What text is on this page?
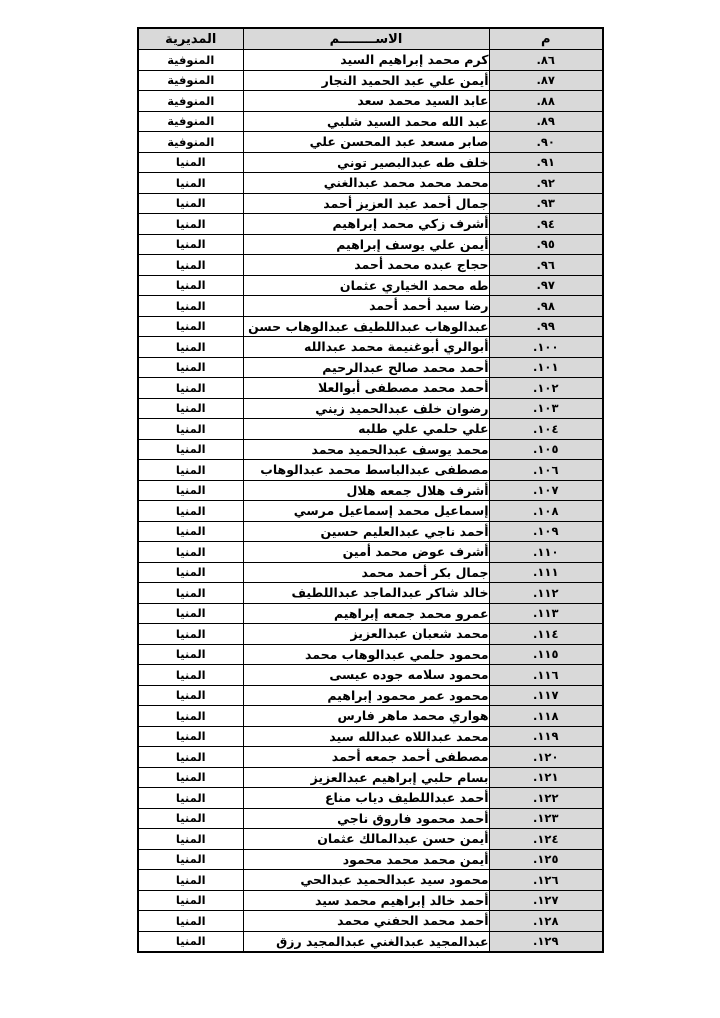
م	الاســــــــم	المديرية
٨٦.	كرم محمد إبراهيم السيد	المنوفية
٨٧.	أيمن علي عبد الحميد النجار	المنوفية
٨٨.	عابد السيد محمد سعد	المنوفية
٨٩.	عبد الله محمد السيد شلبي	المنوفية
٩٠.	صابر مسعد عبد المحسن علي	المنوفية
٩١.	خلف طه عبدالبصير توني	المنيا
٩٢.	محمد محمد محمد عبدالغني	المنيا
٩٣.	جمال أحمد عبد العزيز أحمد	المنيا
٩٤.	أشرف زكي محمد إبراهيم	المنيا
٩٥.	أيمن علي يوسف إبراهيم	المنيا
٩٦.	حجاج عبده محمد أحمد	المنيا
٩٧.	طه محمد الخياري عثمان	المنيا
٩٨.	رضا سيد أحمد أحمد	المنيا
٩٩.	عبدالوهاب عبداللطيف عبدالوهاب حسن	المنيا
١٠٠.	أبوالري أبوغنيمة محمد عبدالله	المنيا
١٠١.	أحمد محمد صالح عبدالرحيم	المنيا
١٠٢.	أحمد محمد مصطفى أبوالعلا	المنيا
١٠٣.	رضوان خلف عبدالحميد زيني	المنيا
١٠٤.	علي حلمي علي طلبه	المنيا
١٠٥.	محمد يوسف عبدالحميد محمد	المنيا
١٠٦.	مصطفى عبدالباسط محمد عبدالوهاب	المنيا
١٠٧.	أشرف هلال جمعه هلال	المنيا
١٠٨.	إسماعيل محمد إسماعيل مرسي	المنيا
١٠٩.	أحمد ناجي عبدالعليم حسين	المنيا
١١٠.	أشرف عوض محمد أمين	المنيا
١١١.	جمال بكر أحمد محمد	المنيا
١١٢.	خالد شاكر عبدالماجد عبداللطيف	المنيا
١١٣.	عمرو محمد جمعه إبراهيم	المنيا
١١٤.	محمد شعبان عبدالعزيز	المنيا
١١٥.	محمود حلمي عبدالوهاب محمد	المنيا
١١٦.	محمود سلامه جوده عيسى	المنيا
١١٧.	محمود عمر محمود إبراهيم	المنيا
١١٨.	هواري محمد ماهر فارس	المنيا
١١٩.	محمد عبداللاه عبدالله سيد	المنيا
١٢٠.	مصطفى أحمد جمعه أحمد	المنيا
١٢١.	بسام حلبي إبراهيم عبدالعزيز	المنيا
١٢٢.	أحمد عبداللطيف دياب مناع	المنيا
١٢٣.	أحمد محمود فاروق ناجي	المنيا
١٢٤.	أيمن حسن عبدالمالك عثمان	المنيا
١٢٥.	أيمن محمد محمد محمود	المنيا
١٢٦.	محمود سيد عبدالحميد عبدالحي	المنيا
١٢٧.	أحمد خالد إبراهيم محمد سيد	المنيا
١٢٨.	أحمد محمد الحفني محمد	المنيا
١٢٩.	عبدالمجيد عبدالغني عبدالمجيد رزق	المنيا
